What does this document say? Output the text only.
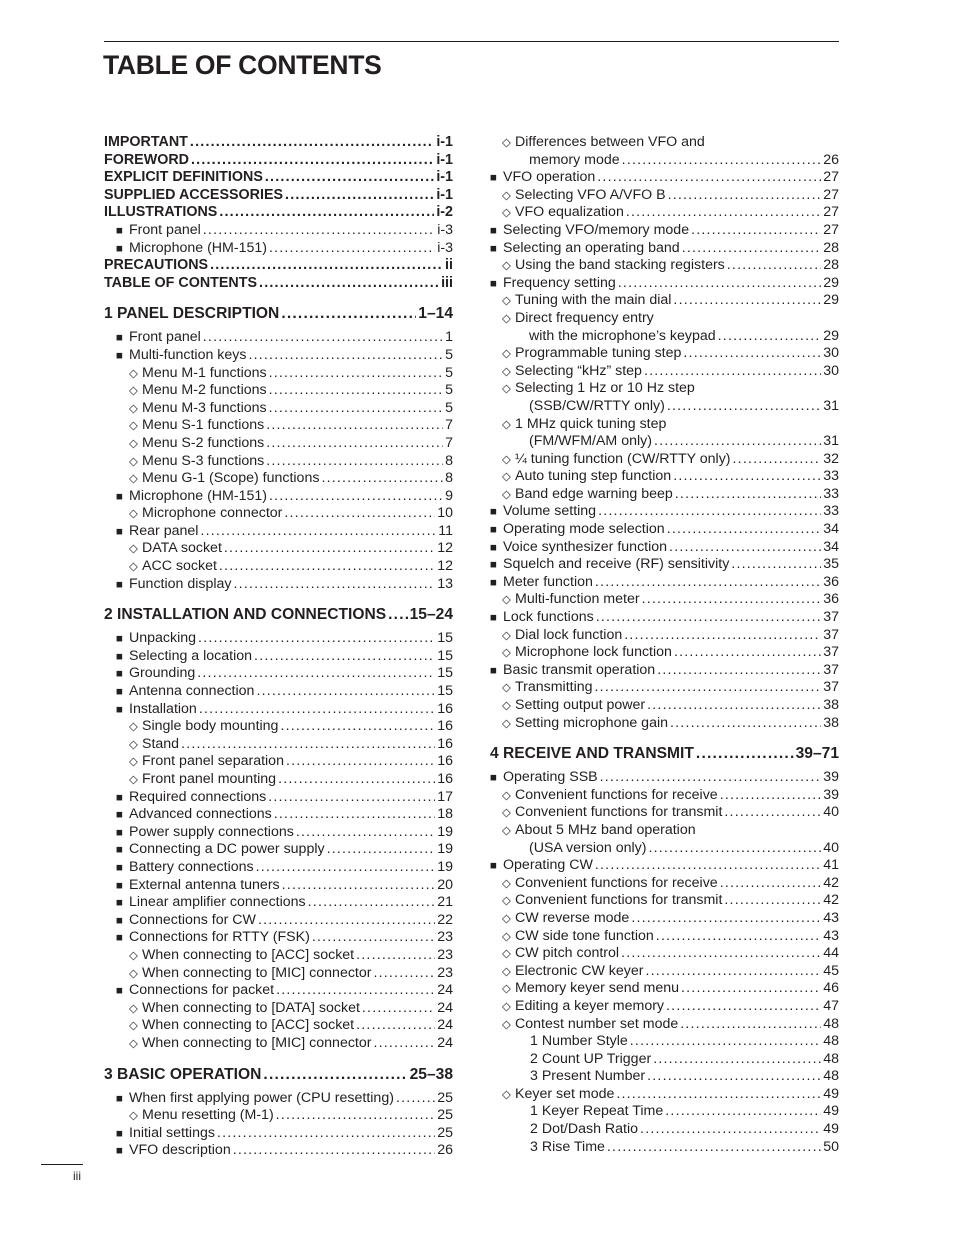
TABLE OF CONTENTS
IMPORTANT .....	i-1
FOREWORD .....	i-1
EXPLICIT DEFINITIONS .....	i-1
SUPPLIED ACCESSORIES .....	i-1
ILLUSTRATIONS .....	i-2
■ Front panel .....	i-3
■ Microphone (HM-151) .....	i-3
PRECAUTIONS .....	ii
TABLE OF CONTENTS .....	iii
1 PANEL DESCRIPTION .....	1–14
■ Front panel .....	1
■ Multi-function keys .....	5
◇ Menu M-1 functions .....	5
◇ Menu M-2 functions .....	5
◇ Menu M-3 functions .....	5
◇ Menu S-1 functions .....	7
◇ Menu S-2 functions .....	7
◇ Menu S-3 functions .....	8
◇ Menu G-1 (Scope) functions .....	8
■ Microphone (HM-151) .....	9
◇ Microphone connector .....	10
■ Rear panel .....	11
◇ DATA socket .....	12
◇ ACC socket .....	12
■ Function display .....	13
2 INSTALLATION AND CONNECTIONS ..... 15–24
■ Unpacking .....	15
■ Selecting a location .....	15
■ Grounding .....	15
■ Antenna connection .....	15
■ Installation .....	16
◇ Single body mounting .....	16
◇ Stand .....	16
◇ Front panel separation .....	16
◇ Front panel mounting .....	16
■ Required connections .....	17
■ Advanced connections .....	18
■ Power supply connections .....	19
■ Connecting a DC power supply .....	19
■ Battery connections .....	19
■ External antenna tuners .....	20
■ Linear amplifier connections .....	21
■ Connections for CW .....	22
■ Connections for RTTY (FSK) .....	23
◇ When connecting to [ACC] socket .....	23
◇ When connecting to [MIC] connector .....	23
■ Connections for packet .....	24
◇ When connecting to [DATA] socket .....	24
◇ When connecting to [ACC] socket .....	24
◇ When connecting to [MIC] connector .....	24
3 BASIC OPERATION .....	25–38
■ When first applying power (CPU resetting) .....	25
◇ Menu resetting (M-1) .....	25
■ Initial settings .....	25
■ VFO description .....	26
◇ Differences between VFO and
memory mode .....	26
■ VFO operation .....	27
◇ Selecting VFO A/VFO B .....	27
◇ VFO equalization .....	27
■ Selecting VFO/memory mode .....	27
■ Selecting an operating band .....	28
◇ Using the band stacking registers .....	28
■ Frequency setting .....	29
◇ Tuning with the main dial .....	29
◇ Direct frequency entry
with the microphone’s keypad .....	29
◇ Programmable tuning step .....	30
◇ Selecting “kHz” step .....	30
◇ Selecting 1 Hz or 10 Hz step
(SSB/CW/RTTY only) .....	31
◇ 1 MHz quick tuning step
(FM/WFM/AM only) .....	31
◇ ¼ tuning function (CW/RTTY only) .....	32
◇ Auto tuning step function .....	33
◇ Band edge warning beep .....	33
■ Volume setting .....	33
■ Operating mode selection .....	34
■ Voice synthesizer function .....	34
■ Squelch and receive (RF) sensitivity .....	35
■ Meter function .....	36
◇ Multi-function meter .....	36
■ Lock functions .....	37
◇ Dial lock function .....	37
◇ Microphone lock function .....	37
■ Basic transmit operation .....	37
◇ Transmitting .....	37
◇ Setting output power .....	38
◇ Setting microphone gain .....	38
4 RECEIVE AND TRANSMIT .....	39–71
■ Operating SSB .....	39
◇ Convenient functions for receive .....	39
◇ Convenient functions for transmit .....	40
◇ About 5 MHz band operation
(USA version only) .....	40
■ Operating CW .....	41
◇ Convenient functions for receive .....	42
◇ Convenient functions for transmit .....	42
◇ CW reverse mode .....	43
◇ CW side tone function .....	43
◇ CW pitch control .....	44
◇ Electronic CW keyer .....	45
◇ Memory keyer send menu .....	46
◇ Editing a keyer memory .....	47
◇ Contest number set mode .....	48
1 Number Style .....	48
2 Count UP Trigger .....	48
3 Present Number .....	48
◇ Keyer set mode .....	49
1 Keyer Repeat Time .....	49
2 Dot/Dash Ratio .....	49
3 Rise Time .....	50
iii
